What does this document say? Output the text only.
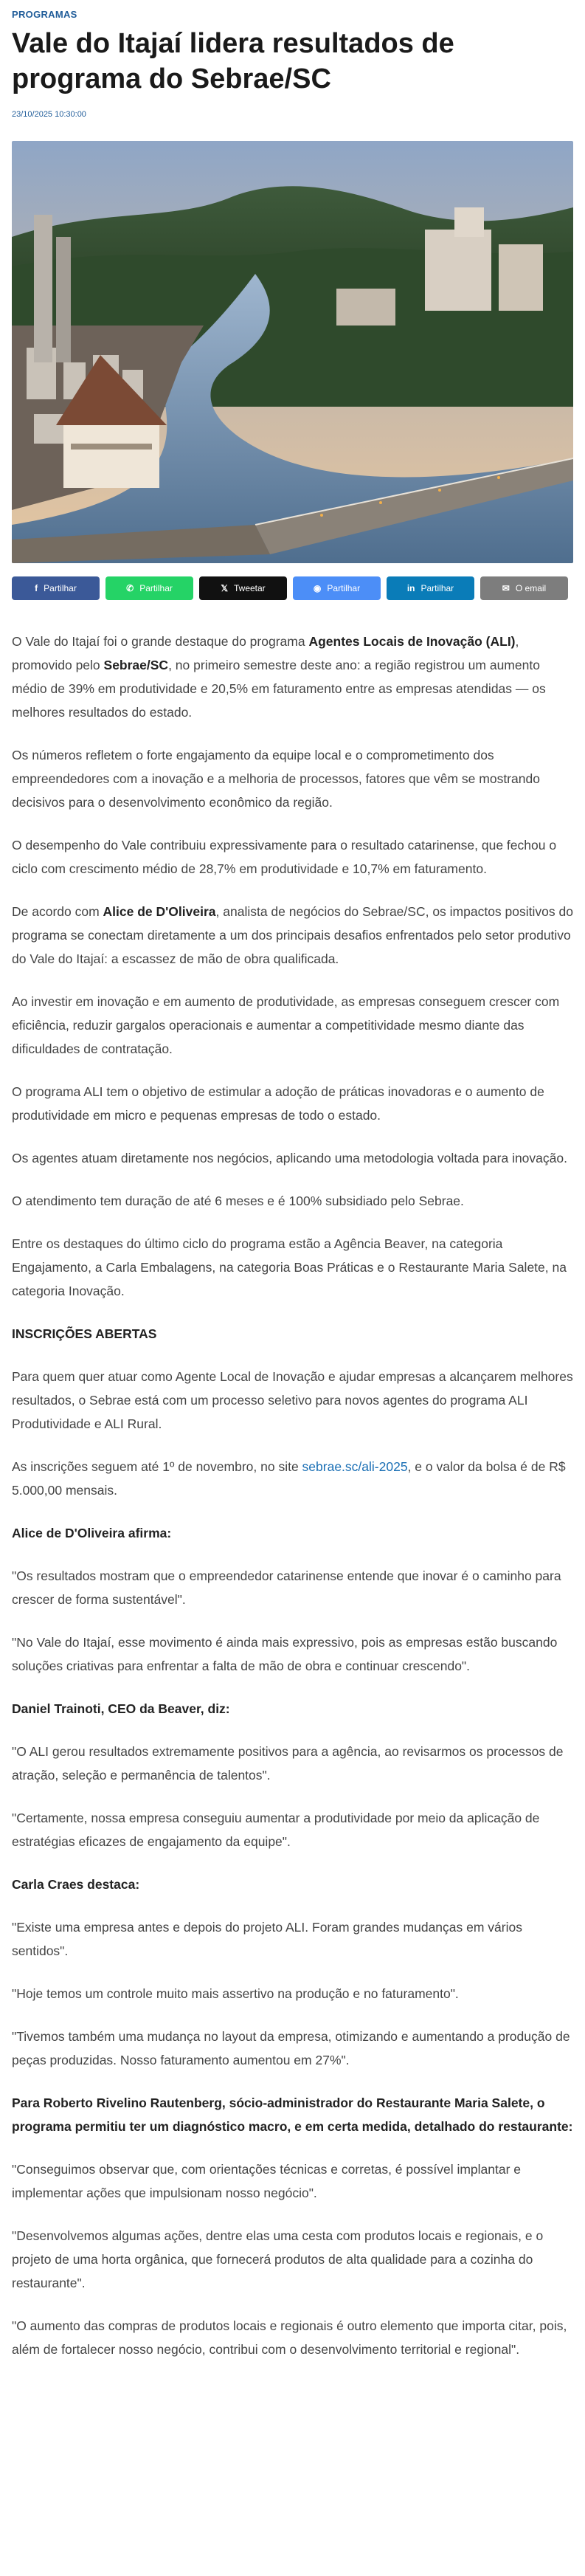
PROGRAMAS
Vale do Itajaí lidera resultados de programa do Sebrae/SC
23/10/2025 10:30:00
f Partilhar	✆ Partilhar	𝕏 Tweetar	◉ Partilhar	in Partilhar	✉ O email

O Vale do Itajaí foi o grande destaque do programa Agentes Locais de Inovação (ALI), promovido pelo Sebrae/SC, no primeiro semestre deste ano: a região registrou um aumento médio de 39% em produtividade e 20,5% em faturamento entre as empresas atendidas — os melhores resultados do estado.

Os números refletem o forte engajamento da equipe local e o comprometimento dos empreendedores com a inovação e a melhoria de processos, fatores que vêm se mostrando decisivos para o desenvolvimento econômico da região.

O desempenho do Vale contribuiu expressivamente para o resultado catarinense, que fechou o ciclo com crescimento médio de 28,7% em produtividade e 10,7% em faturamento.

De acordo com Alice de D'Oliveira, analista de negócios do Sebrae/SC, os impactos positivos do programa se conectam diretamente a um dos principais desafios enfrentados pelo setor produtivo do Vale do Itajaí: a escassez de mão de obra qualificada.

Ao investir em inovação e em aumento de produtividade, as empresas conseguem crescer com eficiência, reduzir gargalos operacionais e aumentar a competitividade mesmo diante das dificuldades de contratação.

O programa ALI tem o objetivo de estimular a adoção de práticas inovadoras e o aumento de produtividade em micro e pequenas empresas de todo o estado.

Os agentes atuam diretamente nos negócios, aplicando uma metodologia voltada para inovação.

O atendimento tem duração de até 6 meses e é 100% subsidiado pelo Sebrae.

Entre os destaques do último ciclo do programa estão a Agência Beaver, na categoria Engajamento, a Carla Embalagens, na categoria Boas Práticas e o Restaurante Maria Salete, na categoria Inovação.

INSCRIÇÕES ABERTAS

Para quem quer atuar como Agente Local de Inovação e ajudar empresas a alcançarem melhores resultados, o Sebrae está com um processo seletivo para novos agentes do programa ALI Produtividade e ALI Rural.

As inscrições seguem até 1º de novembro, no site sebrae.sc/ali-2025, e o valor da bolsa é de R$ 5.000,00 mensais.

Alice de D'Oliveira afirma:

"Os resultados mostram que o empreendedor catarinense entende que inovar é o caminho para crescer de forma sustentável".

"No Vale do Itajaí, esse movimento é ainda mais expressivo, pois as empresas estão buscando soluções criativas para enfrentar a falta de mão de obra e continuar crescendo".

Daniel Trainoti, CEO da Beaver, diz:

"O ALI gerou resultados extremamente positivos para a agência, ao revisarmos os processos de atração, seleção e permanência de talentos".

"Certamente, nossa empresa conseguiu aumentar a produtividade por meio da aplicação de estratégias eficazes de engajamento da equipe".

Carla Craes destaca:

"Existe uma empresa antes e depois do projeto ALI. Foram grandes mudanças em vários sentidos".

"Hoje temos um controle muito mais assertivo na produção e no faturamento".

"Tivemos também uma mudança no layout da empresa, otimizando e aumentando a produção de peças produzidas. Nosso faturamento aumentou em 27%".

Para Roberto Rivelino Rautenberg, sócio-administrador do Restaurante Maria Salete, o programa permitiu ter um diagnóstico macro, e em certa medida, detalhado do restaurante:

"Conseguimos observar que, com orientações técnicas e corretas, é possível implantar e implementar ações que impulsionam nosso negócio".

"Desenvolvemos algumas ações, dentre elas uma cesta com produtos locais e regionais, e o projeto de uma horta orgânica, que fornecerá produtos de alta qualidade para a cozinha do restaurante".

"O aumento das compras de produtos locais e regionais é outro elemento que importa citar, pois, além de fortalecer nosso negócio, contribui com o desenvolvimento territorial e regional".
